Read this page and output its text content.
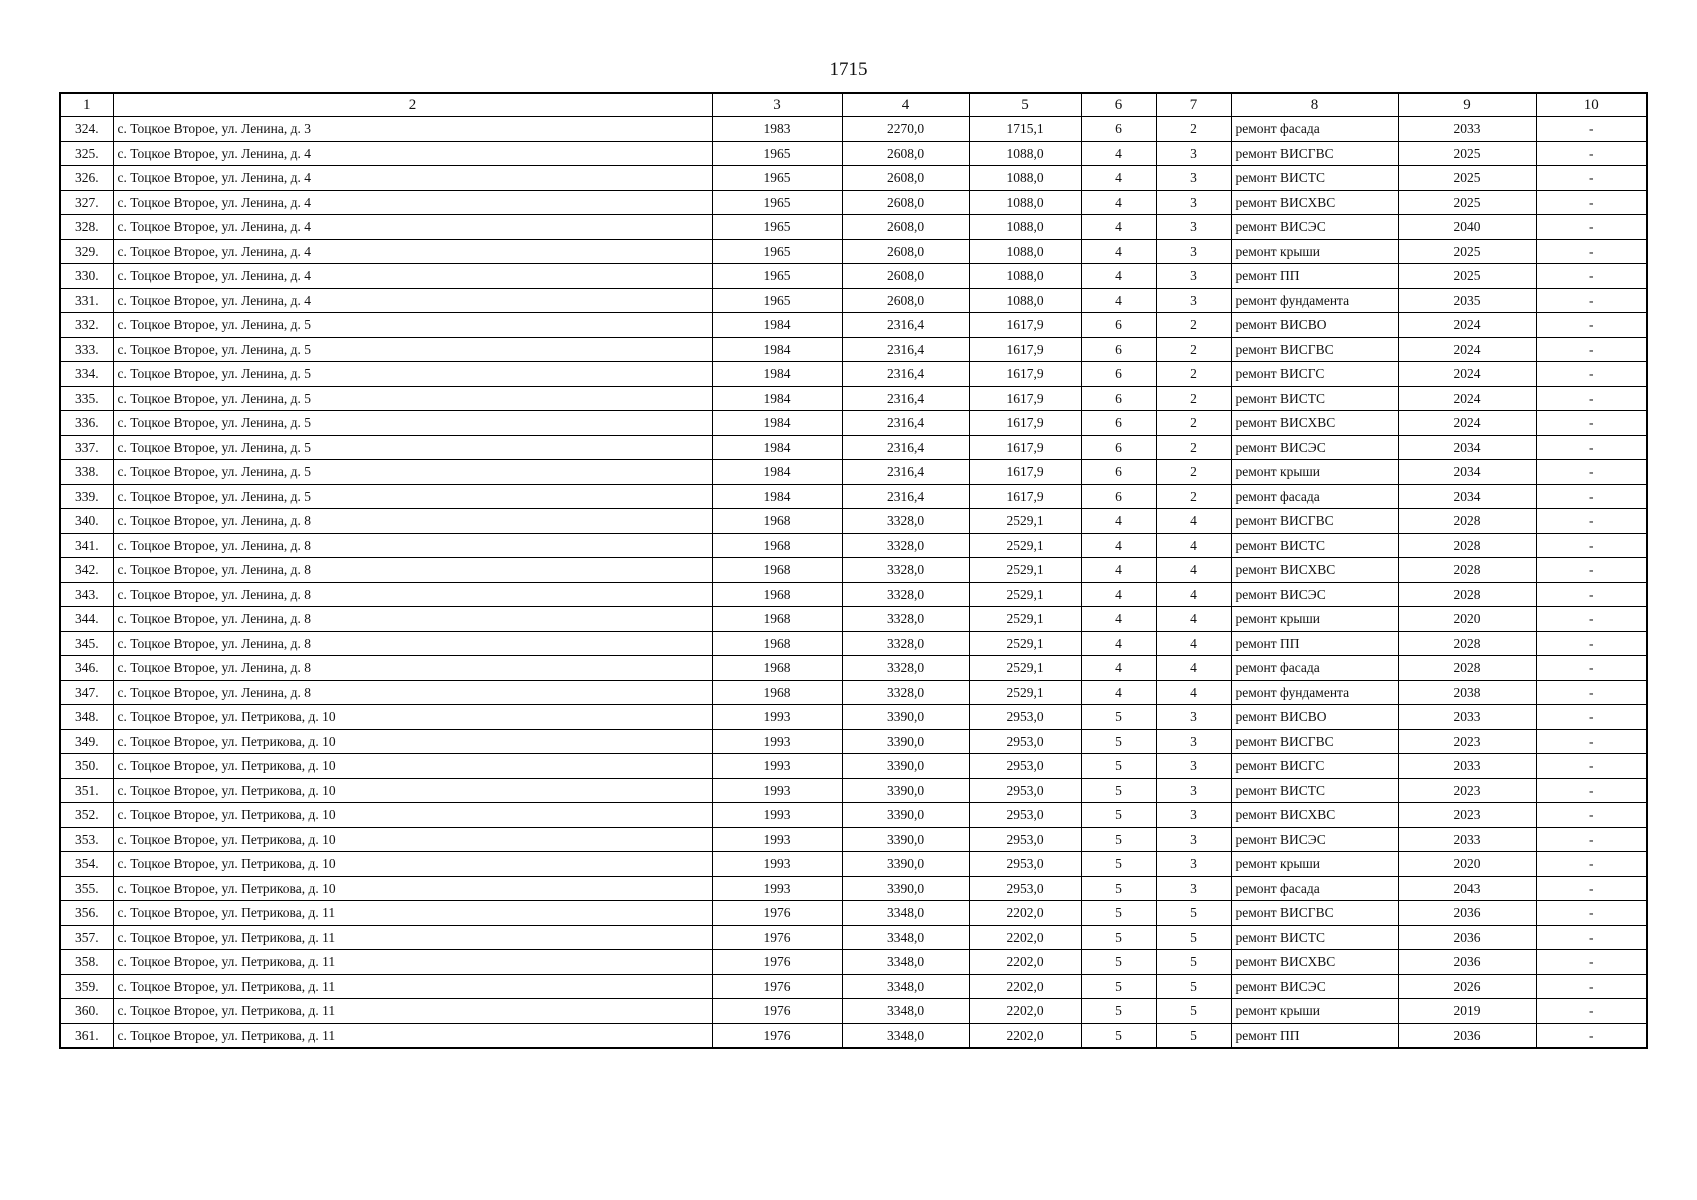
1715
1	2	3	4	5	6	7	8	9	10
324.	с. Тоцкое Второе, ул. Ленина, д. 3	1983	2270,0	1715,1	6	2	ремонт фасада	2033	-
325.	с. Тоцкое Второе, ул. Ленина, д. 4	1965	2608,0	1088,0	4	3	ремонт ВИСГВС	2025	-
326.	с. Тоцкое Второе, ул. Ленина, д. 4	1965	2608,0	1088,0	4	3	ремонт ВИСТС	2025	-
327.	с. Тоцкое Второе, ул. Ленина, д. 4	1965	2608,0	1088,0	4	3	ремонт ВИСХВС	2025	-
328.	с. Тоцкое Второе, ул. Ленина, д. 4	1965	2608,0	1088,0	4	3	ремонт ВИСЭС	2040	-
329.	с. Тоцкое Второе, ул. Ленина, д. 4	1965	2608,0	1088,0	4	3	ремонт крыши	2025	-
330.	с. Тоцкое Второе, ул. Ленина, д. 4	1965	2608,0	1088,0	4	3	ремонт ПП	2025	-
331.	с. Тоцкое Второе, ул. Ленина, д. 4	1965	2608,0	1088,0	4	3	ремонт фундамента	2035	-
332.	с. Тоцкое Второе, ул. Ленина, д. 5	1984	2316,4	1617,9	6	2	ремонт ВИСВО	2024	-
333.	с. Тоцкое Второе, ул. Ленина, д. 5	1984	2316,4	1617,9	6	2	ремонт ВИСГВС	2024	-
334.	с. Тоцкое Второе, ул. Ленина, д. 5	1984	2316,4	1617,9	6	2	ремонт ВИСГС	2024	-
335.	с. Тоцкое Второе, ул. Ленина, д. 5	1984	2316,4	1617,9	6	2	ремонт ВИСТС	2024	-
336.	с. Тоцкое Второе, ул. Ленина, д. 5	1984	2316,4	1617,9	6	2	ремонт ВИСХВС	2024	-
337.	с. Тоцкое Второе, ул. Ленина, д. 5	1984	2316,4	1617,9	6	2	ремонт ВИСЭС	2034	-
338.	с. Тоцкое Второе, ул. Ленина, д. 5	1984	2316,4	1617,9	6	2	ремонт крыши	2034	-
339.	с. Тоцкое Второе, ул. Ленина, д. 5	1984	2316,4	1617,9	6	2	ремонт фасада	2034	-
340.	с. Тоцкое Второе, ул. Ленина, д. 8	1968	3328,0	2529,1	4	4	ремонт ВИСГВС	2028	-
341.	с. Тоцкое Второе, ул. Ленина, д. 8	1968	3328,0	2529,1	4	4	ремонт ВИСТС	2028	-
342.	с. Тоцкое Второе, ул. Ленина, д. 8	1968	3328,0	2529,1	4	4	ремонт ВИСХВС	2028	-
343.	с. Тоцкое Второе, ул. Ленина, д. 8	1968	3328,0	2529,1	4	4	ремонт ВИСЭС	2028	-
344.	с. Тоцкое Второе, ул. Ленина, д. 8	1968	3328,0	2529,1	4	4	ремонт крыши	2020	-
345.	с. Тоцкое Второе, ул. Ленина, д. 8	1968	3328,0	2529,1	4	4	ремонт ПП	2028	-
346.	с. Тоцкое Второе, ул. Ленина, д. 8	1968	3328,0	2529,1	4	4	ремонт фасада	2028	-
347.	с. Тоцкое Второе, ул. Ленина, д. 8	1968	3328,0	2529,1	4	4	ремонт фундамента	2038	-
348.	с. Тоцкое Второе, ул. Петрикова, д. 10	1993	3390,0	2953,0	5	3	ремонт ВИСВО	2033	-
349.	с. Тоцкое Второе, ул. Петрикова, д. 10	1993	3390,0	2953,0	5	3	ремонт ВИСГВС	2023	-
350.	с. Тоцкое Второе, ул. Петрикова, д. 10	1993	3390,0	2953,0	5	3	ремонт ВИСГС	2033	-
351.	с. Тоцкое Второе, ул. Петрикова, д. 10	1993	3390,0	2953,0	5	3	ремонт ВИСТС	2023	-
352.	с. Тоцкое Второе, ул. Петрикова, д. 10	1993	3390,0	2953,0	5	3	ремонт ВИСХВС	2023	-
353.	с. Тоцкое Второе, ул. Петрикова, д. 10	1993	3390,0	2953,0	5	3	ремонт ВИСЭС	2033	-
354.	с. Тоцкое Второе, ул. Петрикова, д. 10	1993	3390,0	2953,0	5	3	ремонт крыши	2020	-
355.	с. Тоцкое Второе, ул. Петрикова, д. 10	1993	3390,0	2953,0	5	3	ремонт фасада	2043	-
356.	с. Тоцкое Второе, ул. Петрикова, д. 11	1976	3348,0	2202,0	5	5	ремонт ВИСГВС	2036	-
357.	с. Тоцкое Второе, ул. Петрикова, д. 11	1976	3348,0	2202,0	5	5	ремонт ВИСТС	2036	-
358.	с. Тоцкое Второе, ул. Петрикова, д. 11	1976	3348,0	2202,0	5	5	ремонт ВИСХВС	2036	-
359.	с. Тоцкое Второе, ул. Петрикова, д. 11	1976	3348,0	2202,0	5	5	ремонт ВИСЭС	2026	-
360.	с. Тоцкое Второе, ул. Петрикова, д. 11	1976	3348,0	2202,0	5	5	ремонт крыши	2019	-
361.	с. Тоцкое Второе, ул. Петрикова, д. 11	1976	3348,0	2202,0	5	5	ремонт ПП	2036	-
